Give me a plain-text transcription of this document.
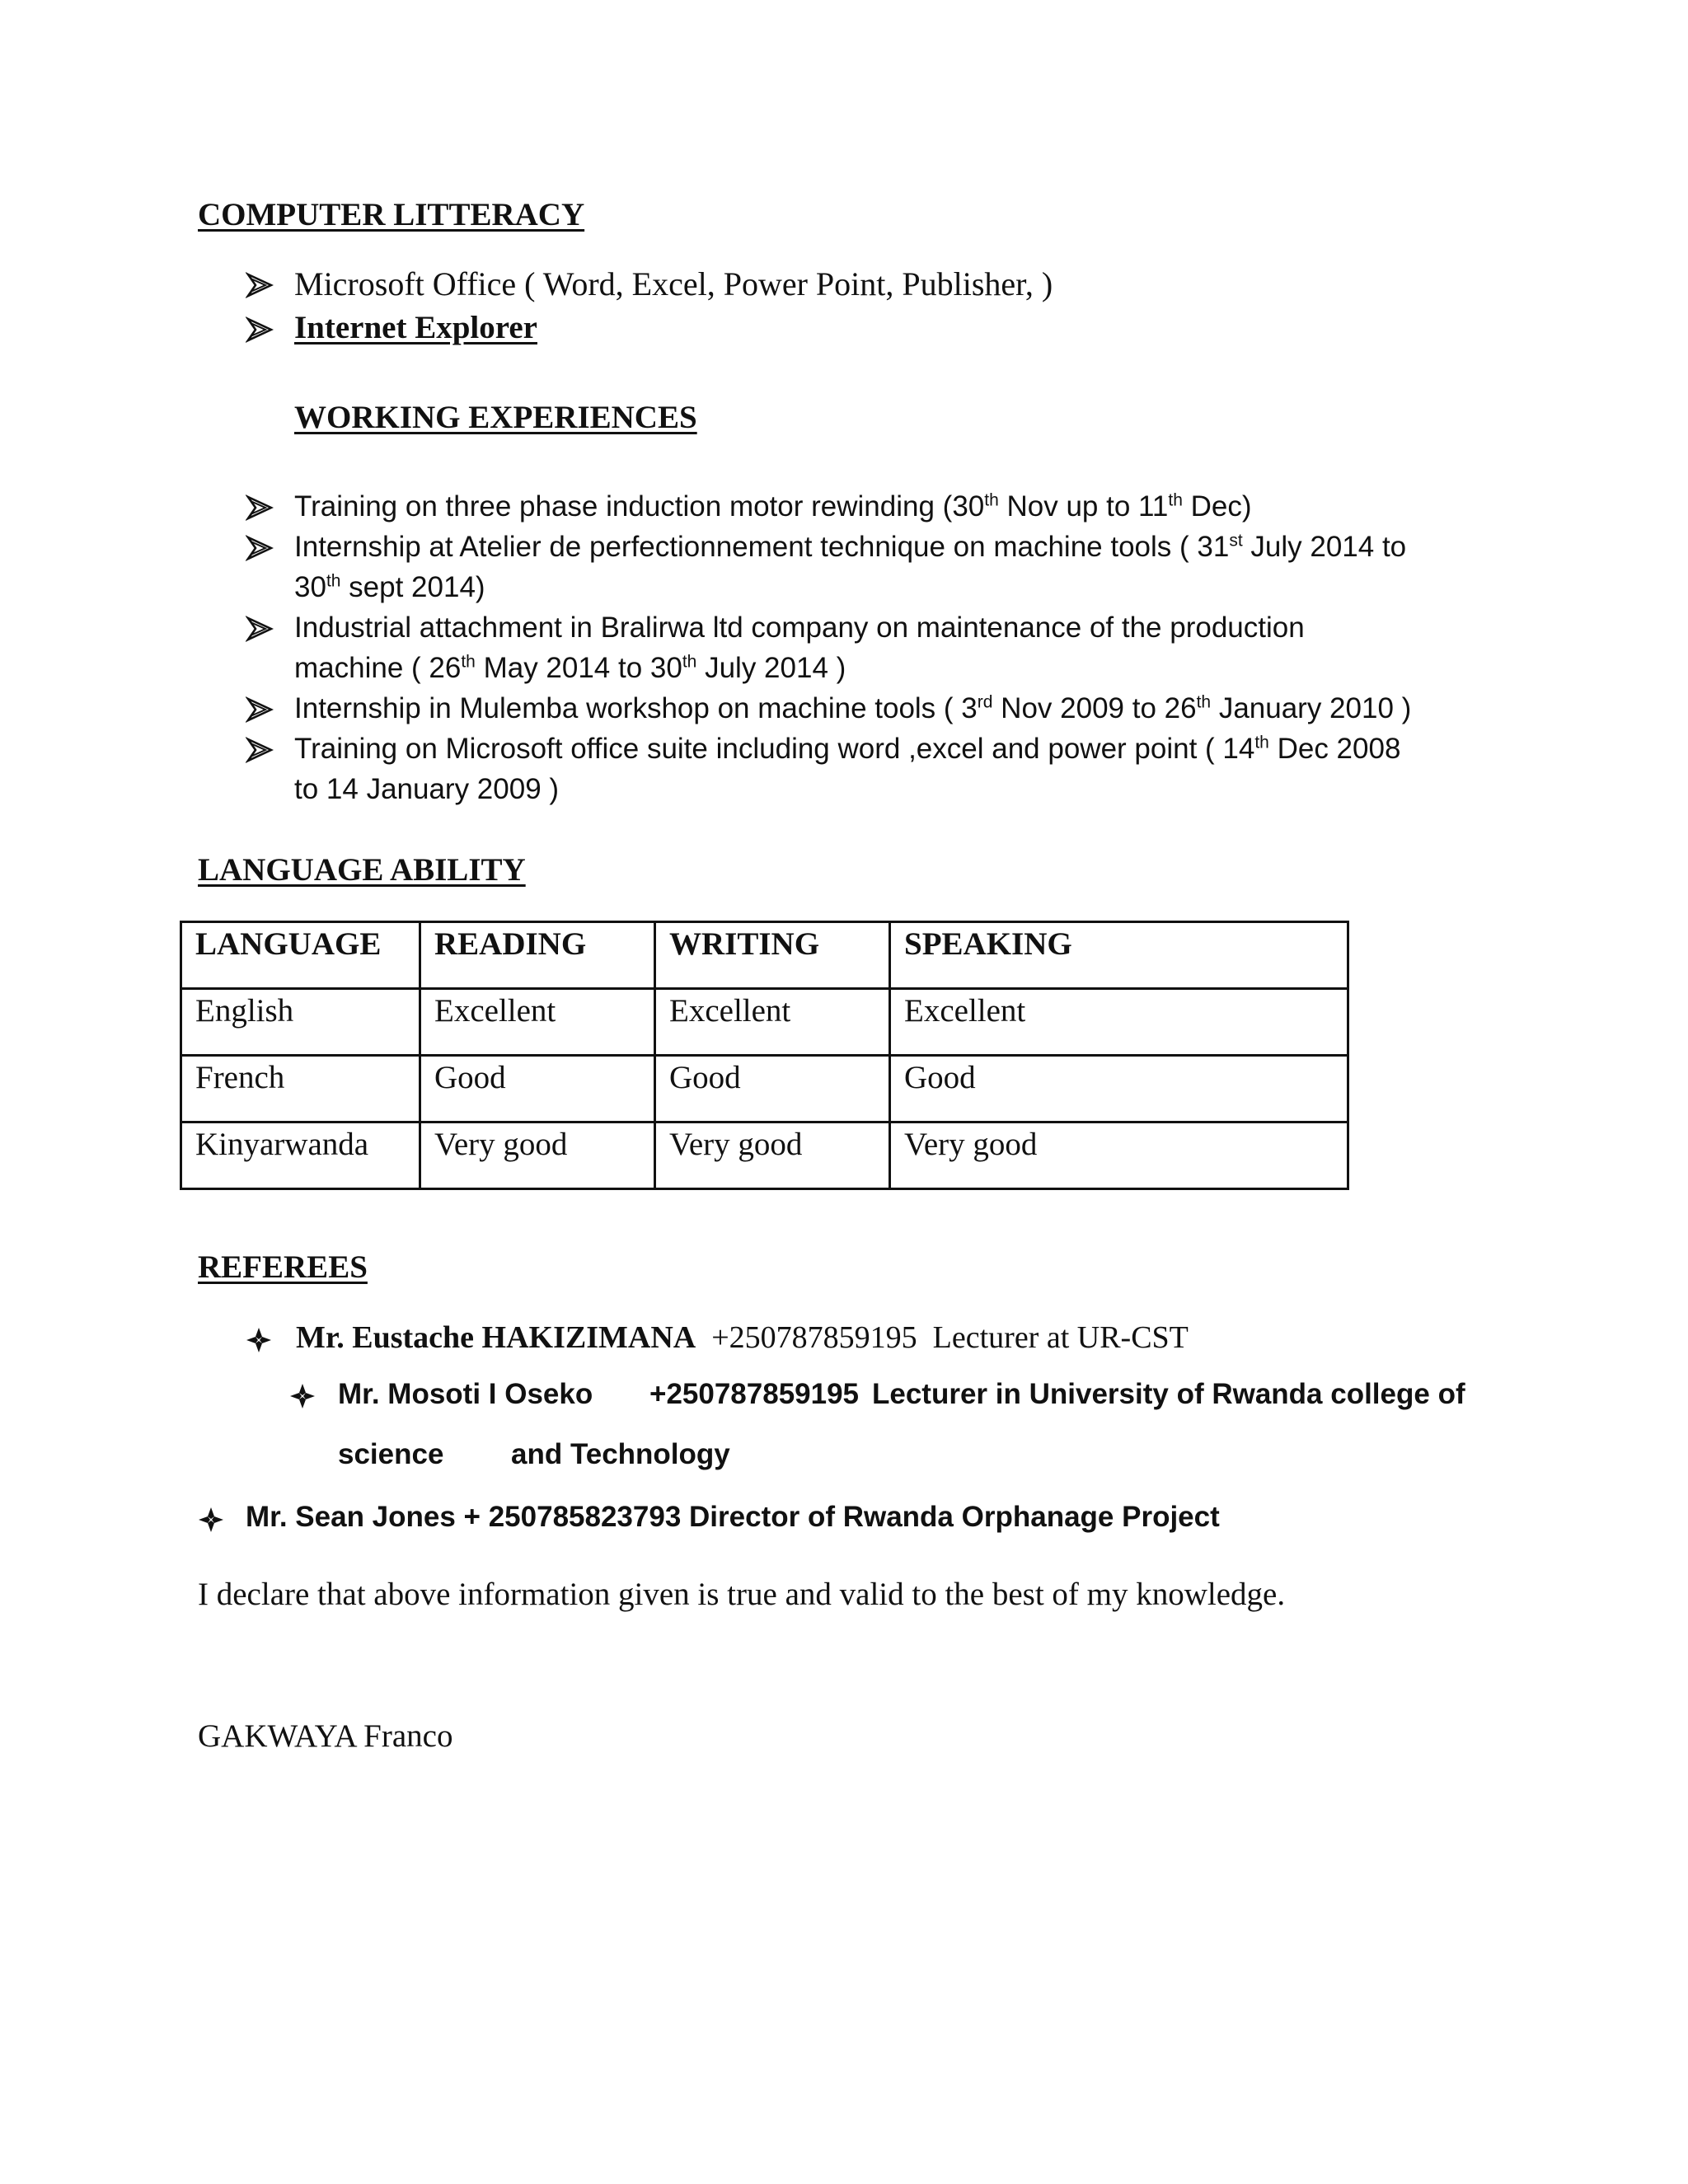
COMPUTER LITTERACY
Microsoft Office ( Word, Excel, Power Point, Publisher, )
Internet Explorer
WORKING EXPERIENCES
Training on three phase induction motor rewinding (30th Nov up to 11th Dec)
Internship at Atelier de perfectionnement technique on machine tools ( 31st July 2014 to
30th sept 2014)
Industrial attachment in Bralirwa ltd company on maintenance of the production
machine ( 26th May 2014 to 30th July 2014 )
Internship in Mulemba workshop on machine tools ( 3rd Nov 2009 to 26th January 2010 )
Training on Microsoft office suite including word ,excel and power point ( 14th Dec 2008
to 14 January 2009 )
LANGUAGE ABILITY
LANGUAGE	READING	WRITING	SPEAKING
English	Excellent	Excellent	Excellent
French	Good	Good	Good
Kinyarwanda	Very good	Very good	Very good
REFEREES
Mr. Eustache HAKIZIMANA +250787859195 Lecturer at UR-CST
Mr. Mosoti I Oseko +250787859195 Lecturer in University of Rwanda college of
science and Technology
Mr. Sean Jones + 250785823793 Director of Rwanda Orphanage Project
I declare that above information given is true and valid to the best of my knowledge.
GAKWAYA Franco
